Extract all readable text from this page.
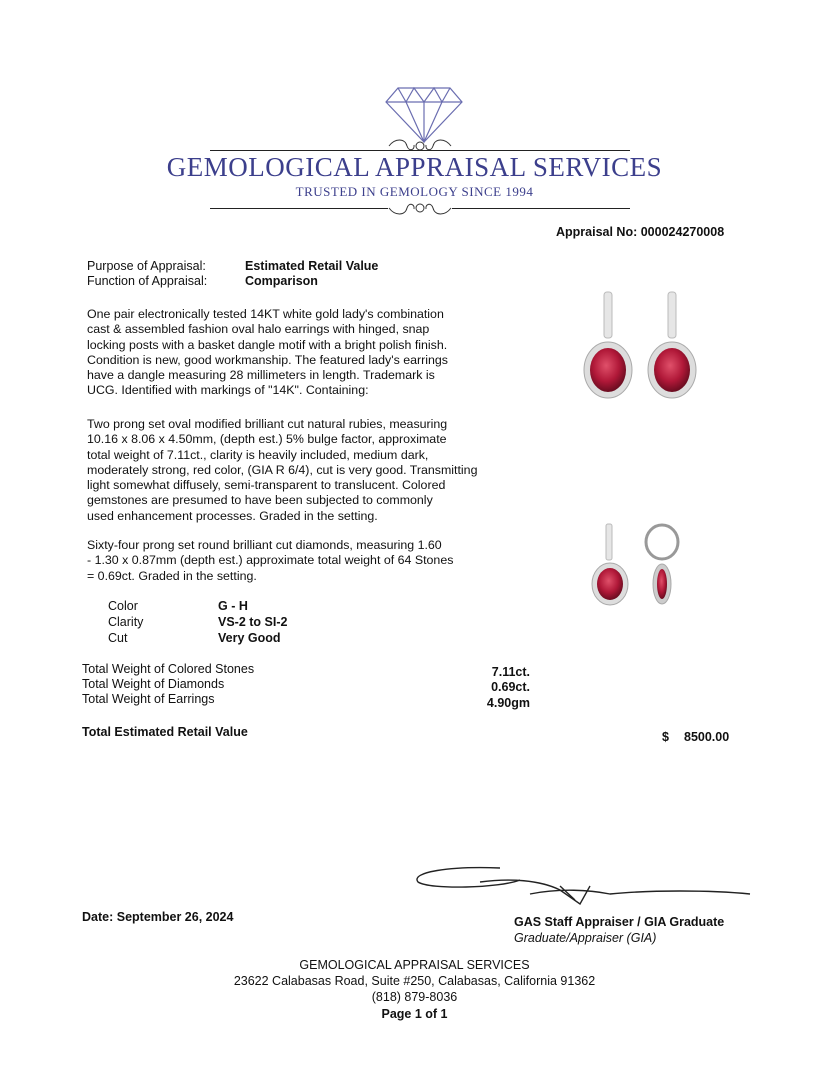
GEMOLOGICAL APPRAISAL SERVICES
TRUSTED IN GEMOLOGY SINCE 1994
Appraisal No: 000024270008
Purpose of Appraisal:	Estimated Retail Value
Function of Appraisal:	Comparison
One pair electronically tested 14KT white gold lady's combination
cast & assembled fashion oval halo earrings with hinged, snap
locking posts with a basket dangle motif with a bright polish finish.
Condition is new, good workmanship. The featured lady's earrings
have a dangle measuring 28 millimeters in length. Trademark is
UCG. Identified with markings of "14K". Containing:
Two prong set oval modified brilliant cut natural rubies, measuring
10.16 x 8.06 x 4.50mm, (depth est.) 5% bulge factor, approximate
total weight of 7.11ct., clarity is heavily included, medium dark,
moderately strong, red color, (GIA R 6/4), cut is very good. Transmitting
light somewhat diffusely, semi-transparent to translucent. Colored
gemstones are presumed to have been subjected to commonly
used enhancement processes. Graded in the setting.
Sixty-four prong set round brilliant cut diamonds, measuring 1.60
- 1.30 x 0.87mm (depth est.) approximate total weight of 64 Stones
= 0.69ct. Graded in the setting.
Color	G - H
Clarity	VS-2 to SI-2
Cut	Very Good
Total Weight of Colored Stones	7.11ct.
Total Weight of Diamonds	0.69ct.
Total Weight of Earrings	4.90gm
Total Estimated Retail Value	$ 8500.00
Date: September 26, 2024	GAS Staff Appraiser / GIA Graduate
Graduate/Appraiser (GIA)
GEMOLOGICAL APPRAISAL SERVICES
23622 Calabasas Road, Suite #250, Calabasas, California 91362
(818) 879-8036
Page 1 of 1
